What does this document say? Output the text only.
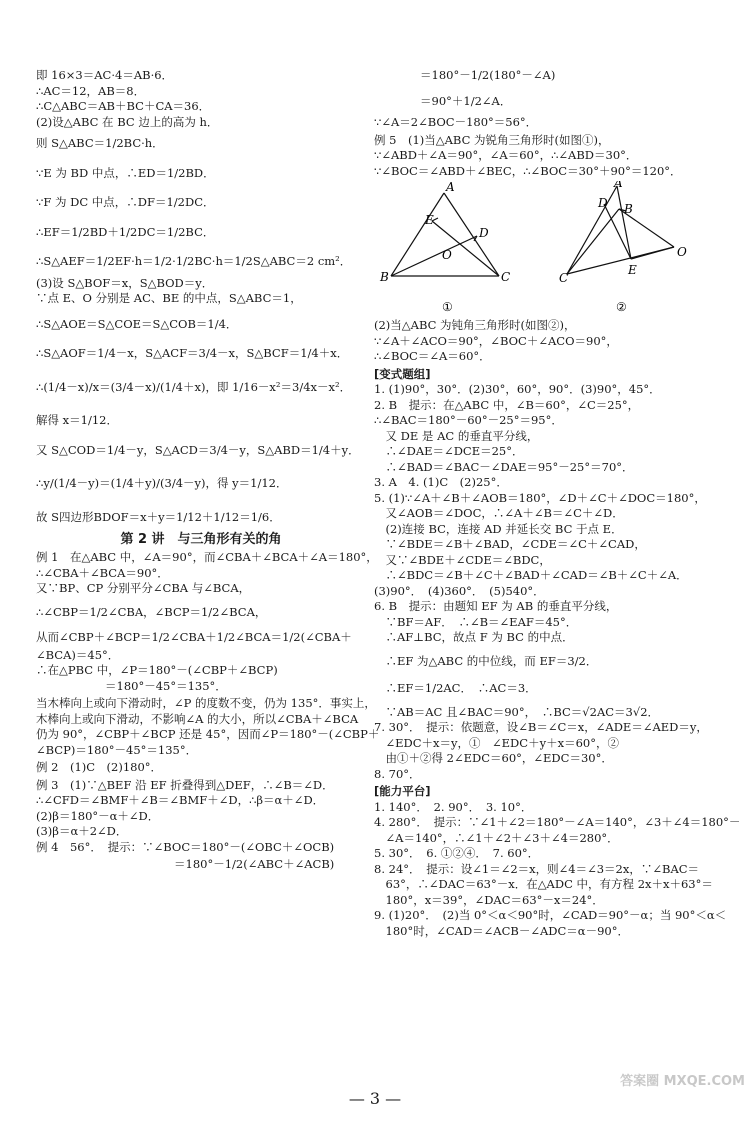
即 16×3＝AC·4＝AB·6．
∴AC＝12，AB＝8．
∴C△ABC＝AB＋BC＋CA＝36．
(2)设△ABC 在 BC 边上的高为 h．
则 S△ABC＝1/2BC·h．
∵E 为 BD 中点，∴ED＝1/2BD．
∵F 为 DC 中点，∴DF＝1/2DC．
∴EF＝1/2BD＋1/2DC＝1/2BC．
∴S△AEF＝1/2EF·h＝1/2·1/2BC·h＝1/2S△ABC＝2 cm²．
(3)设 S△BOF＝x，S△BOD＝y．
∵点 E、O 分别是 AC、BE 的中点，S△ABC＝1，
∴S△AOE＝S△COE＝S△COB＝1/4．
∴S△AOF＝1/4－x，S△ACF＝3/4－x，S△BCF＝1/4＋x．
∴(1/4－x)/x＝(3/4－x)/(1/4＋x)，即 1/16－x²＝3/4x－x²．
解得 x＝1/12．
又 S△COD＝1/4－y，S△ACD＝3/4－y，S△ABD＝1/4＋y．
∴y/(1/4－y)＝(1/4＋y)/(3/4－y)，得 y＝1/12．
故 S四边形BDOF＝x＋y＝1/12＋1/12＝1/6．
第 2 讲　与三角形有关的角
例 1　在△ABC 中，∠A＝90°，而∠CBA＋∠BCA＋∠A＝180°，
∴∠CBA＋∠BCA＝90°．
又∵BP、CP 分别平分∠CBA 与∠BCA，
∴∠CBP＝1/2∠CBA，∠BCP＝1/2∠BCA，
从而∠CBP＋∠BCP＝1/2∠CBA＋1/2∠BCA＝1/2(∠CBA＋
∠BCA)＝45°．
∴在△PBC 中，∠P＝180°－(∠CBP＋∠BCP)
　　　　　　＝180°－45°＝135°．
当木棒向上或向下滑动时，∠P 的度数不变，仍为 135°．事实上，
木棒向上或向下滑动，不影响∠A 的大小，所以∠CBA＋∠BCA
仍为 90°，∠CBP＋∠BCP 还是 45°，因而∠P＝180°－(∠CBP＋
∠BCP)＝180°－45°＝135°．
例 2　(1)C　(2)180°．
例 3　(1)∵△BEF 沿 EF 折叠得到△DEF，∴∠B＝∠D．
∴∠CFD＝∠BMF＋∠B＝∠BMF＋∠D，∴β＝α＋∠D．
(2)β＝180°－α＋∠D．
(3)β＝α＋2∠D．
例 4　56°．　提示：∵∠BOC＝180°－(∠OBC＋∠OCB)
　　　　　　　　　　　　＝180°－1/2(∠ABC＋∠ACB)
　　　　＝180°－1/2(180°－∠A)
　　　　＝90°＋1/2∠A．
∵∠A＝2∠BOC－180°＝56°．
例 5　(1)当△ABC 为锐角三角形时(如图①)，
∵∠ABD＋∠A＝90°，∠A＝60°，∴∠ABD＝30°．
∵∠BOC＝∠ABD＋∠BEC，∴∠BOC＝30°＋90°＝120°．
A
E
D
O
B	C
A
D B
O
C
E
①	②
(2)当△ABC 为钝角三角形时(如图②)，
∵∠A＋∠ACO＝90°，∠BOC＋∠ACO＝90°，
∴∠BOC＝∠A＝60°．
[变式题组]
1. (1)90°，30°．(2)30°，60°，90°．(3)90°，45°．
2. B　提示：在△ABC 中，∠B＝60°，∠C＝25°，
∴∠BAC＝180°－60°－25°＝95°．
　又 DE 是 AC 的垂直平分线，
　∴∠DAE＝∠DCE＝25°．
　∴∠BAD＝∠BAC－∠DAE＝95°－25°＝70°．
3. A　4. (1)C　(2)25°．
5. (1)∵∠A＋∠B＋∠AOB＝180°，∠D＋∠C＋∠DOC＝180°，
　又∠AOB＝∠DOC，∴∠A＋∠B＝∠C＋∠D．
　(2)连接 BC，连接 AD 并延长交 BC 于点 E．
　∵∠BDE＝∠B＋∠BAD，∠CDE＝∠C＋∠CAD，
　又∵∠BDE＋∠CDE＝∠BDC，
　∴∠BDC＝∠B＋∠C＋∠BAD＋∠CAD＝∠B＋∠C＋∠A．
(3)90°．　(4)360°．　(5)540°．
6. B　提示：由题知 EF 为 AB 的垂直平分线，
　∵BF＝AF．　∴∠B＝∠EAF＝45°．
　∴AF⊥BC，故点 F 为 BC 的中点．
　∴EF 为△ABC 的中位线，而 EF＝3/2．
　∴EF＝1/2AC．　∴AC＝3．
　∵AB＝AC 且∠BAC＝90°，　∴BC＝√2AC＝3√2．
7. 30°．　提示：依题意，设∠B＝∠C＝x，∠ADE＝∠AED＝y，
　∠EDC＋x＝y，①　∠EDC＋y＋x＝60°，②
　由①＋②得 2∠EDC＝60°，∠EDC＝30°．
8. 70°．
[能力平台]
1. 140°．　2. 90°．　3. 10°．
4. 280°．　提示：∵∠1＋∠2＝180°－∠A＝140°，∠3＋∠4＝180°－
　∠A＝140°，∴∠1＋∠2＋∠3＋∠4＝280°．
5. 30°．　6. ①②④．　7. 60°．
8. 24°．　提示：设∠1＝∠2＝x，则∠4＝∠3＝2x，∵∠BAC＝
　63°，∴∠DAC＝63°－x．在△ADC 中，有方程 2x＋x＋63°＝
　180°，x＝39°，∠DAC＝63°－x＝24°．
9. (1)20°．　(2)当 0°＜α＜90°时，∠CAD＝90°－α；当 90°＜α＜
　180°时，∠CAD＝∠ACB－∠ADC＝α－90°．
— 3 —
答案圈 MXQE.COM
